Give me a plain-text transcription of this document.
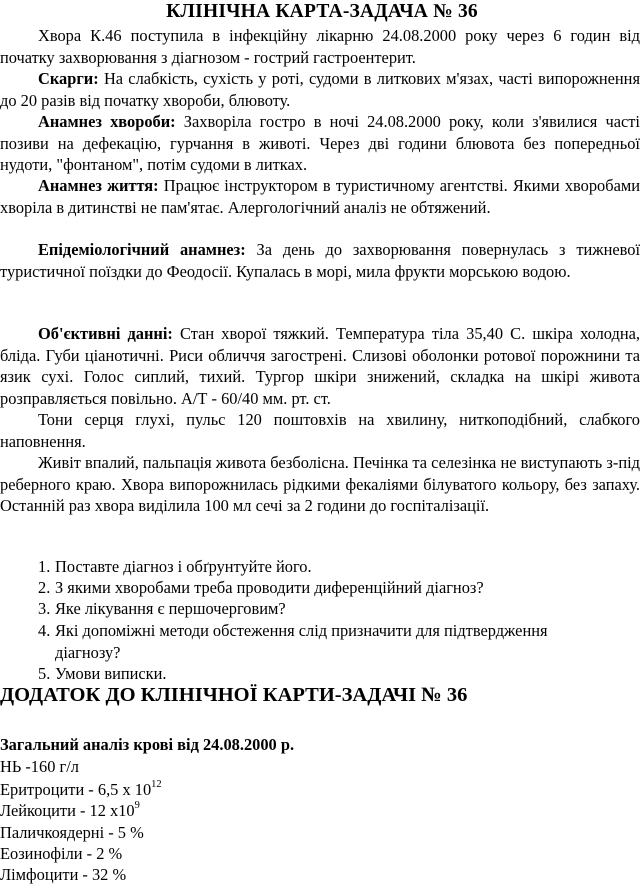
КЛІНІЧНА КАРТА-ЗАДАЧА № 36
Хвора К.46 поступила в інфекційну лікарню 24.08.2000 року через 6 годин від початку захворювання з діагнозом - гострий гастроентерит.
Скарги: На слабкість, сухість у роті, судоми в литкових м'язах, часті випорожнення до 20 разів від початку хвороби, блювоту.
Анамнез хвороби: Захворіла гостро в ночі 24.08.2000 року, коли з'явилися часті позиви на дефекацію, гурчання в животі. Через дві години блювота без попередньої нудоти, "фонтаном", потім судоми в литках.
Анамнез життя: Працює інструктором в туристичному агентстві. Якими хворобами хворіла в дитинстві не пам'ятає. Алергологічний аналіз не обтяжений.
Епідеміологічний анамнез: За день до захворювання повернулась з тижневої туристичної поїздки до Феодосії. Купалась в морі, мила фрукти морською водою.
Об'єктивні данні: Стан хворої тяжкий. Температура тіла 35,40 С. шкіра холодна, бліда. Губи ціанотичні. Риси обличчя загострені. Слизові оболонки ротової порожнини та язик сухі. Голос сиплий, тихий. Тургор шкіри знижений, складка на шкірі живота розправляється повільно. А/Т - 60/40 мм. рт. ст.
Тони серця глухі, пульс 120 поштовхів на хвилину, ниткоподібний, слабкого наповнення.
Живіт впалий, пальпація живота безболісна. Печінка та селезінка не виступають з-під реберного краю. Хвора випорожнилась рідкими фекаліями білуватого кольору, без запаху. Останній раз хвора виділила 100 мл сечі за 2 години до госпіталізації.
1. Поставте діагноз і обґрунтуйте його.
2. З якими хворобами треба проводити диференційний діагноз?
3. Яке лікування є першочерговим?
4. Які допоміжні методи обстеження слід призначити для підтвердження
діагнозу?
5. Умови виписки.
ДОДАТОК ДО КЛІНІЧНОЇ КАРТИ-ЗАДАЧІ № 36
Загальний аналіз крові від 24.08.2000 р.
НЬ -160 г/л
Еритроцити - 6,5 х $10^{12}$
Лейкоцити - 12 $х10^9$
Паличкоядерні - 5 %
Еозинофіли - 2 %
Лімфоцити - 32 %
